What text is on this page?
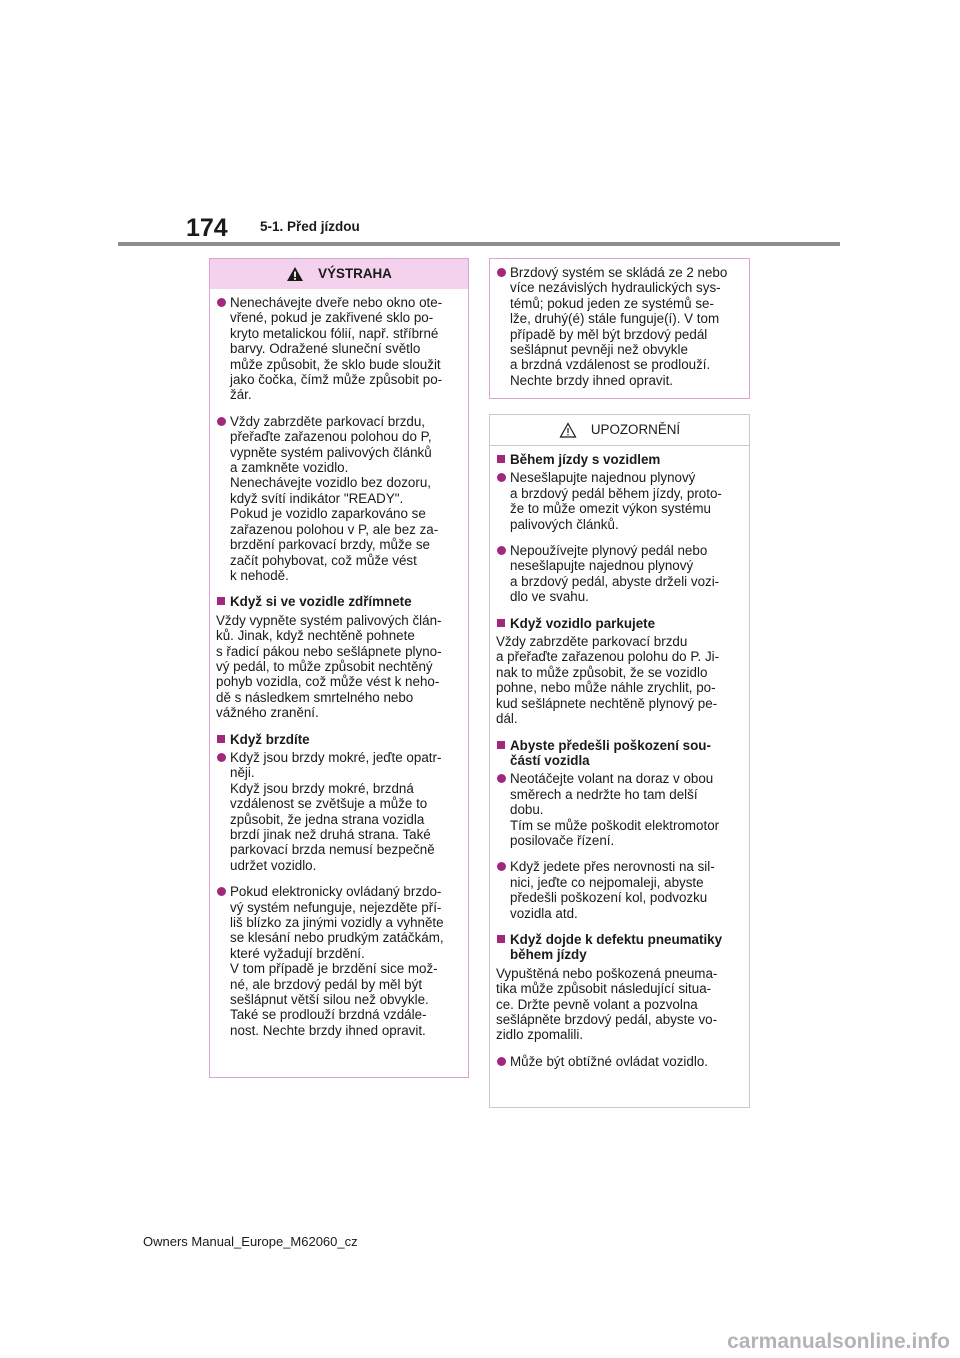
174 5-1. Před jízdou
VÝSTRAHA
Nenechávejte dveře nebo okno ote-
vřené, pokud je zakřivené sklo po-
kryto metalickou fólií, např. stříbrné
barvy. Odražené sluneční světlo
může způsobit, že sklo bude sloužit
jako čočka, čímž může způsobit po-
žár.
Vždy zabrzděte parkovací brzdu,
přeřaďte zařazenou polohou do P,
vypněte systém palivových článků
a zamkněte vozidlo.
Nenechávejte vozidlo bez dozoru,
když svítí indikátor "READY".
Pokud je vozidlo zaparkováno se
zařazenou polohou v P, ale bez za-
brzdění parkovací brzdy, může se
začít pohybovat, což může vést
k nehodě.
Když si ve vozidle zdřímnete
Vždy vypněte systém palivových člán-
ků. Jinak, když nechtěně pohnete
s řadicí pákou nebo sešlápnete plyno-
vý pedál, to může způsobit nechtěný
pohyb vozidla, což může vést k neho-
dě s následkem smrtelného nebo
vážného zranění.
Když brzdíte
Když jsou brzdy mokré, jeďte opatr-
něji.
Když jsou brzdy mokré, brzdná
vzdálenost se zvětšuje a může to
způsobit, že jedna strana vozidla
brzdí jinak než druhá strana. Také
parkovací brzda nemusí bezpečně
udržet vozidlo.
Pokud elektronicky ovládaný brzdo-
vý systém nefunguje, nejezděte pří-
liš blízko za jinými vozidly a vyhněte
se klesání nebo prudkým zatáčkám,
které vyžadují brzdění.
V tom případě je brzdění sice mož-
né, ale brzdový pedál by měl být
sešlápnut větší silou než obvykle.
Také se prodlouží brzdná vzdále-
nost. Nechte brzdy ihned opravit.
Brzdový systém se skládá ze 2 nebo
více nezávislých hydraulických sys-
témů; pokud jeden ze systémů se-
lže, druhý(é) stále funguje(í). V tom
případě by měl být brzdový pedál
sešlápnut pevněji než obvykle
a brzdná vzdálenost se prodlouží.
Nechte brzdy ihned opravit.
UPOZORNĚNÍ
Během jízdy s vozidlem
Nesešlapujte najednou plynový
a brzdový pedál během jízdy, proto-
že to může omezit výkon systému
palivových článků.
Nepoužívejte plynový pedál nebo
nesešlapujte najednou plynový
a brzdový pedál, abyste drželi vozi-
dlo ve svahu.
Když vozidlo parkujete
Vždy zabrzděte parkovací brzdu
a přeřaďte zařazenou polohu do P. Ji-
nak to může způsobit, že se vozidlo
pohne, nebo může náhle zrychlit, po-
kud sešlápnete nechtěně plynový pe-
dál.
Abyste předešli poškození sou-
částí vozidla
Neotáčejte volant na doraz v obou
směrech a nedržte ho tam delší
dobu.
Tím se může poškodit elektromotor
posilovače řízení.
Když jedete přes nerovnosti na sil-
nici, jeďte co nejpomaleji, abyste
předešli poškození kol, podvozku
vozidla atd.
Když dojde k defektu pneumatiky
během jízdy
Vypuštěná nebo poškozená pneuma-
tika může způsobit následující situa-
ce. Držte pevně volant a pozvolna
sešlápněte brzdový pedál, abyste vo-
zidlo zpomalili.
Může být obtížné ovládat vozidlo.
Owners Manual_Europe_M62060_cz
carmanualsonline.info
